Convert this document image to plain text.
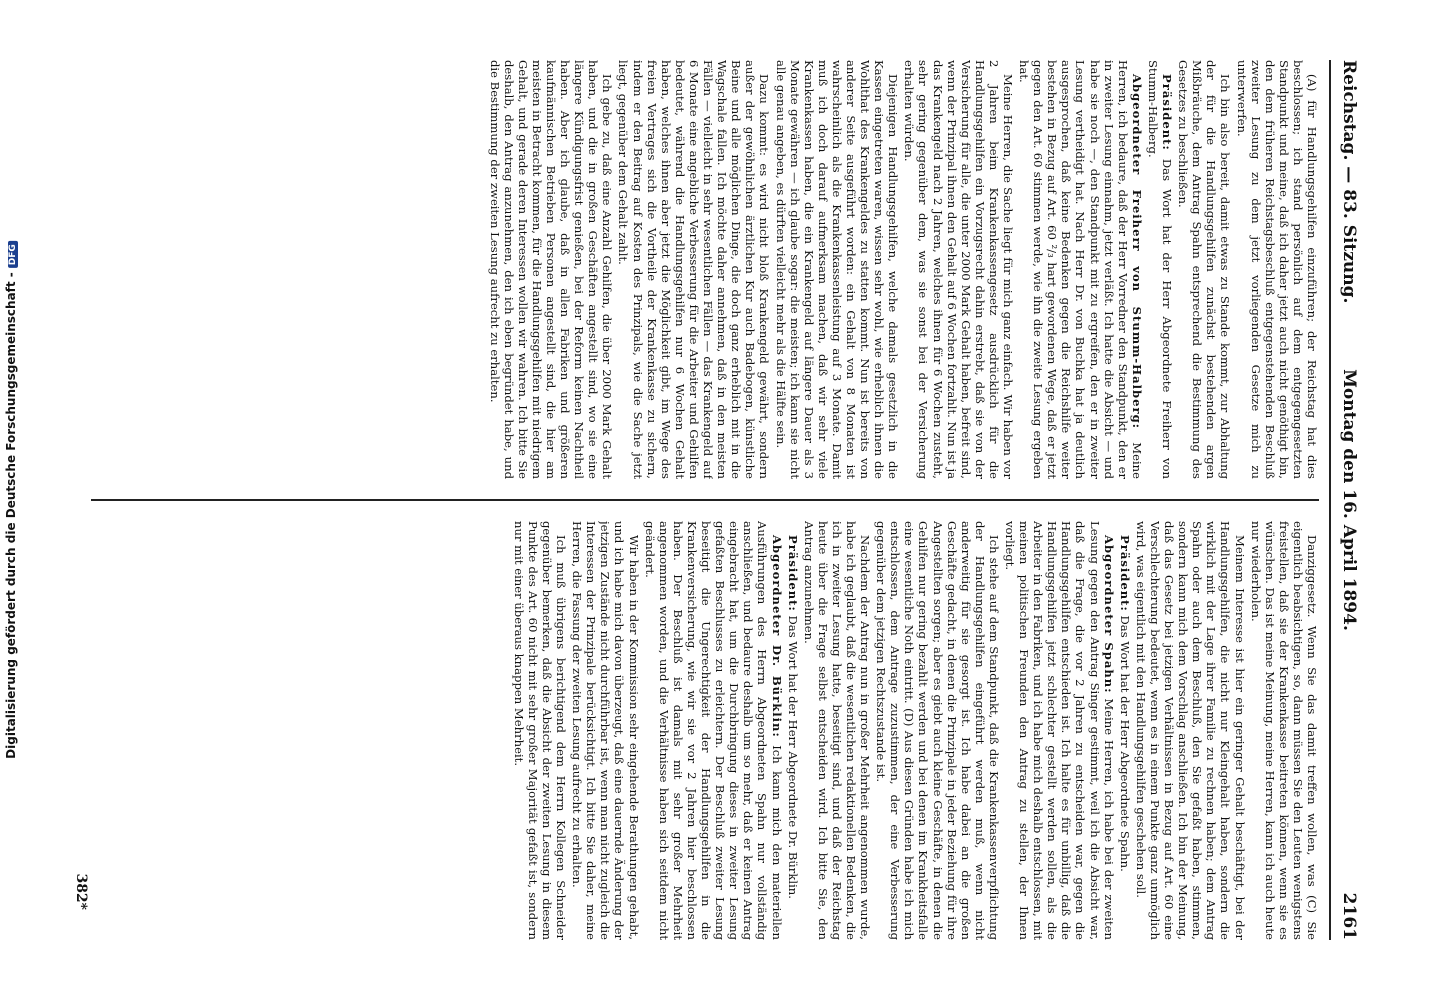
Reichstag. — 83. Sitzung.
Montag den 16. April 1894.
2161

(A) für Handlungsgehilfen einzuführen; der Reichstag hat dies beschlossen; ich stand persönlich auf dem entgegengesetzten Standpunkt und meine, daß ich daher jetzt auch nicht genöthigt bin, den dem früheren Reichstagsbeschluß entgegenstehenden Beschluß zweiter Lesung zu dem jetzt vorliegenden Gesetze mich zu unterwerfen.

Ich bin also bereit, damit etwas zu Stande kommt, zur Abhaltung der für die Handlungsgehilfen zunächst bestehenden argen Mißbräuche, dem Antrag Spahn entsprechend die Bestimmung des Gesetzes zu beschließen.

Präsident: Das Wort hat der Herr Abgeordnete Freiherr von Stumm-Halberg.

Abgeordneter Freiherr von Stumm-Halberg: Meine Herren, ich bedaure, daß der Herr Vorredner den Standpunkt, den er in zweiter Lesung einnahm, jetzt verläßt. Ich hatte die Absicht — und habe sie noch —, den Standpunkt mit zu ergreifen, den er in zweiter Lesung vertheidigt hat. Nach Herr Dr. von Buchka hat ja deutlich ausgesprochen, daß keine Bedenken gegen die Reichshilfe weiter bestehen in Bezug auf Art. 60 ²/₃ hart gewordenen Wege, daß er jetzt gegen den Art. 60 stimmen werde, wie ihn die zweite Lesung ergeben hat.

Meine Herren, die Sache liegt für mich ganz einfach. Wir haben vor 2 Jahren beim Krankenkassengesetz ausdrücklich für die Handlungsgehilfen ein Vorzugsrecht dahin erstrebt, daß sie von der Versicherung für alle, die unter 2000 Mark Gehalt haben, befreit sind, wenn der Prinzipal ihnen den Gehalt auf 6 Wochen fortzahlt. Nun ist ja das Krankengeld nach 2 Jahren, welches ihnen für 6 Wochen zusteht, sehr gering gegenüber dem, was sie sonst bei der Versicherung erhalten würden.

Diejenigen Handlungsgehilfen, welche damals gesetzlich in die Kassen eingetreten waren, wissen sehr wohl, wie erheblich ihnen die Wohlthat des Krankengeldes zu statten kommt. Nun ist bereits von anderer Seite ausgeführt worden: ein Gehalt von 8 Monaten ist wahrscheinlich als die Krankenkassenleistung auf 3 Monate. Damit muß ich doch darauf aufmerksam machen, daß wir sehr viele Krankenkassen haben, die ein Krankengeld auf längere Dauer als 3 Monate gewähren — ich glaube sogar: die meisten; ich kann sie nicht alle genau angeben, es dürften vielleicht mehr als die Hälfte sein.

Dazu kommt: es wird nicht bloß Krankengeld gewährt, sondern außer der gewöhnlichen ärztlichen Kur auch Badebogen, künstliche Beine und alle möglichen Dinge, die doch ganz erheblich mit in die Wagschale fallen. Ich möchte daher annehmen, daß in den meisten Fällen — vielleicht in sehr wesentlichen Fällen — das Krankengeld auf 6 Monate eine angebliche Verbesserung für die Arbeiter und Gehilfen bedeutet, während die Handlungsgehilfen nur 6 Wochen Gehalt haben, welches ihnen aber jetzt die Möglichkeit gibt, im Wege des freien Vertrages sich die Vortheile der Krankenkasse zu sichern, indem er den Beitrag auf Kosten des Prinzipals, wie die Sache jetzt liegt, gegenüber dem Gehalt zahlt.

Ich gebe zu, daß eine Anzahl Gehilfen, die über 2000 Mark Gehalt haben, und die in großen Geschäften angestellt sind, wo sie eine längere Kündigungsfrist genießen, bei der Reform keinen Nachtheil haben. Aber ich glaube, daß in allen Fabriken und größeren kaufmännischen Betrieben Personen angestellt sind, die hier am meisten in Betracht kommen, für die Handlungsgehilfen mit niedrigem Gehalt, und gerade deren Interessen wollen wir wahren. Ich bitte Sie deshalb, den Antrag anzunehmen, den ich eben begründet habe, und die Bestimmung der zweiten Lesung aufrecht zu erhalten.

Danziggesetz. Wenn Sie das damit treffen wollen, was (C) Sie eigentlich beabsichtigen, so, dann müssen Sie den Leuten wenigstens freistellen, daß sie der Krankenkasse beitreten können, wenn sie es wünschen. Das ist meine Meinung, meine Herren, kann ich auch heute nur wiederholen.

Meinem Interesse ist hier ein geringer Gehalt beschäftigt, bei der Handlungsgehilfen, die nicht nur Kleingehalt haben, sondern die wirklich mit der Lage ihrer Familie zu rechnen haben; dem Antrag Spahn oder auch dem Beschluß, den Sie gefaßt haben, stimmen, sondern kann mich dem Vorschlag anschließen. Ich bin der Meinung, daß das Gesetz bei jetzigen Verhältnissen in Bezug auf Art. 60 eine Verschlechterung bedeutet, wenn es in einem Punkte ganz unmöglich wird, was eigentlich mit den Handlungsgehilfen geschehen soll.

Präsident: Das Wort hat der Herr Abgeordnete Spahn.

Abgeordneter Spahn: Meine Herren, ich habe bei der zweiten Lesung gegen den Antrag Singer gestimmt, weil ich die Absicht war, daß die Frage, die vor 2 Jahren zu entscheiden war, gegen die Handlungsgehilfen entschieden ist. Ich halte es für unbillig, daß die Handlungsgehilfen jetzt schlechter gestellt werden sollen, als die Arbeiter in den Fabriken, und ich habe mich deshalb entschlossen, mit meinen politischen Freunden den Antrag zu stellen, der Ihnen vorliegt.

Ich stehe auf dem Standpunkt, daß die Krankenkassenverpflichtung der Handlungsgehilfen eingeführt werden muß, wenn nicht anderweitig für sie gesorgt ist. Ich habe dabei an die großen Geschäfte gedacht, in denen die Prinzipale in jeder Beziehung für ihre Angestellten sorgen; aber es giebt auch kleine Geschäfte, in denen die Gehilfen nur gering bezahlt werden und bei denen im Krankheitsfalle eine wesentliche Noth eintritt. (D) Aus diesen Gründen habe ich mich entschlossen, dem Antrage zuzustimmen, der eine Verbesserung gegenüber dem jetzigen Rechtszustande ist.

Nachdem der Antrag nun in großer Mehrheit angenommen wurde, habe ich geglaubt, daß die wesentlichen redaktionellen Bedenken, die ich in zweiter Lesung hatte, beseitigt sind, und daß der Reichstag heute über die Frage selbst entscheiden wird. Ich bitte Sie, den Antrag anzunehmen.

Präsident: Das Wort hat der Herr Abgeordnete Dr. Bürklin.

Abgeordneter Dr. Bürklin: Ich kann mich den materiellen Ausführungen des Herrn Abgeordneten Spahn nur vollständig anschließen, und bedaure deshalb um so mehr, daß er keinen Antrag eingebracht hat, um die Durchbringung dieses in zweiter Lesung gefaßten Beschlusses zu erleichtern. Der Beschluß zweiter Lesung beseitigt die Ungerechtigkeit der Handlungsgehilfen in die Krankenversicherung, wie wir sie vor 2 Jahren hier beschlossen haben. Der Beschluß ist damals mit sehr großer Mehrheit angenommen worden, und die Verhältnisse haben sich seitdem nicht geändert.

Wir haben in der Kommission sehr eingehende Berathungen gehabt, und ich habe mich davon überzeugt, daß eine dauernde Änderung der jetzigen Zustände nicht durchführbar ist, wenn man nicht zugleich die Interessen der Prinzipale berücksichtigt. Ich bitte Sie daher, meine Herren, die Fassung der zweiten Lesung aufrecht zu erhalten.

Ich muß übrigens berichtigend dem Herrn Kollegen Schneider gegenüber bemerken, daß die Absicht der zweiten Lesung in diesem Punkte des Art. 60 nicht mit sehr großer Majorität gefaßt ist, sondern nur mit einer überaus knappen Mehrheit.

382*
Digitalisierung gefördert durch die Deutsche Forschungsgemeinschaft -DFG
